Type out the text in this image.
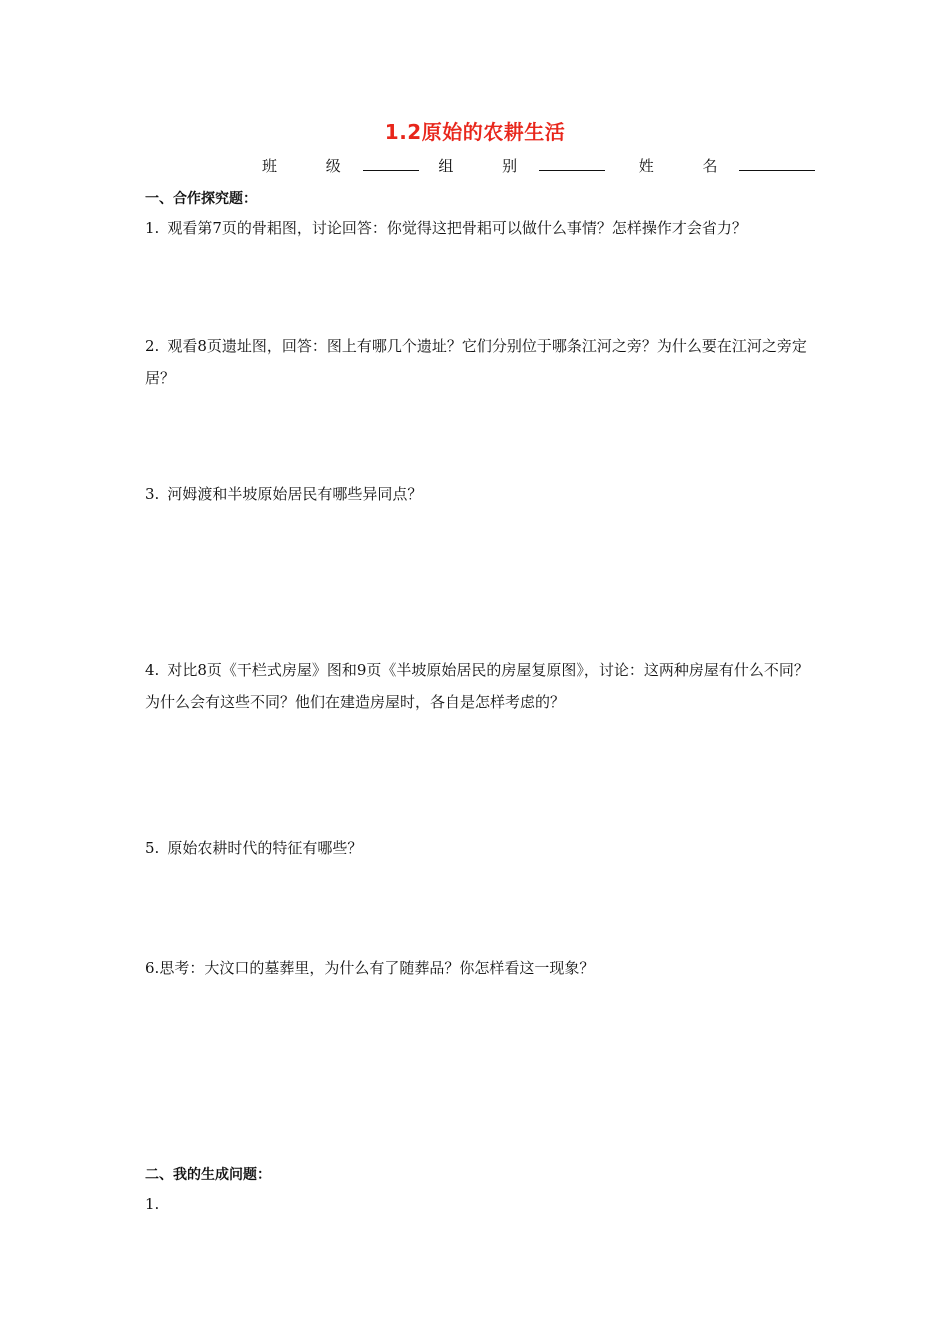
1.2原始的农耕生活
班 级	组 别	姓 名
一、合作探究题：
1. 观看第7页的骨耜图，讨论回答：你觉得这把骨耜可以做什么事情？怎样操作才会省力？
2. 观看8页遗址图，回答：图上有哪几个遗址？它们分别位于哪条江河之旁？为什么要在江河之旁定居？
3. 河姆渡和半坡原始居民有哪些异同点？
4. 对比8页《干栏式房屋》图和9页《半坡原始居民的房屋复原图》，讨论：这两种房屋有什么不同？为什么会有这些不同？他们在建造房屋时，各自是怎样考虑的？
5. 原始农耕时代的特征有哪些？
6.思考：大汶口的墓葬里，为什么有了随葬品？你怎样看这一现象？
二、我的生成问题：
1.
